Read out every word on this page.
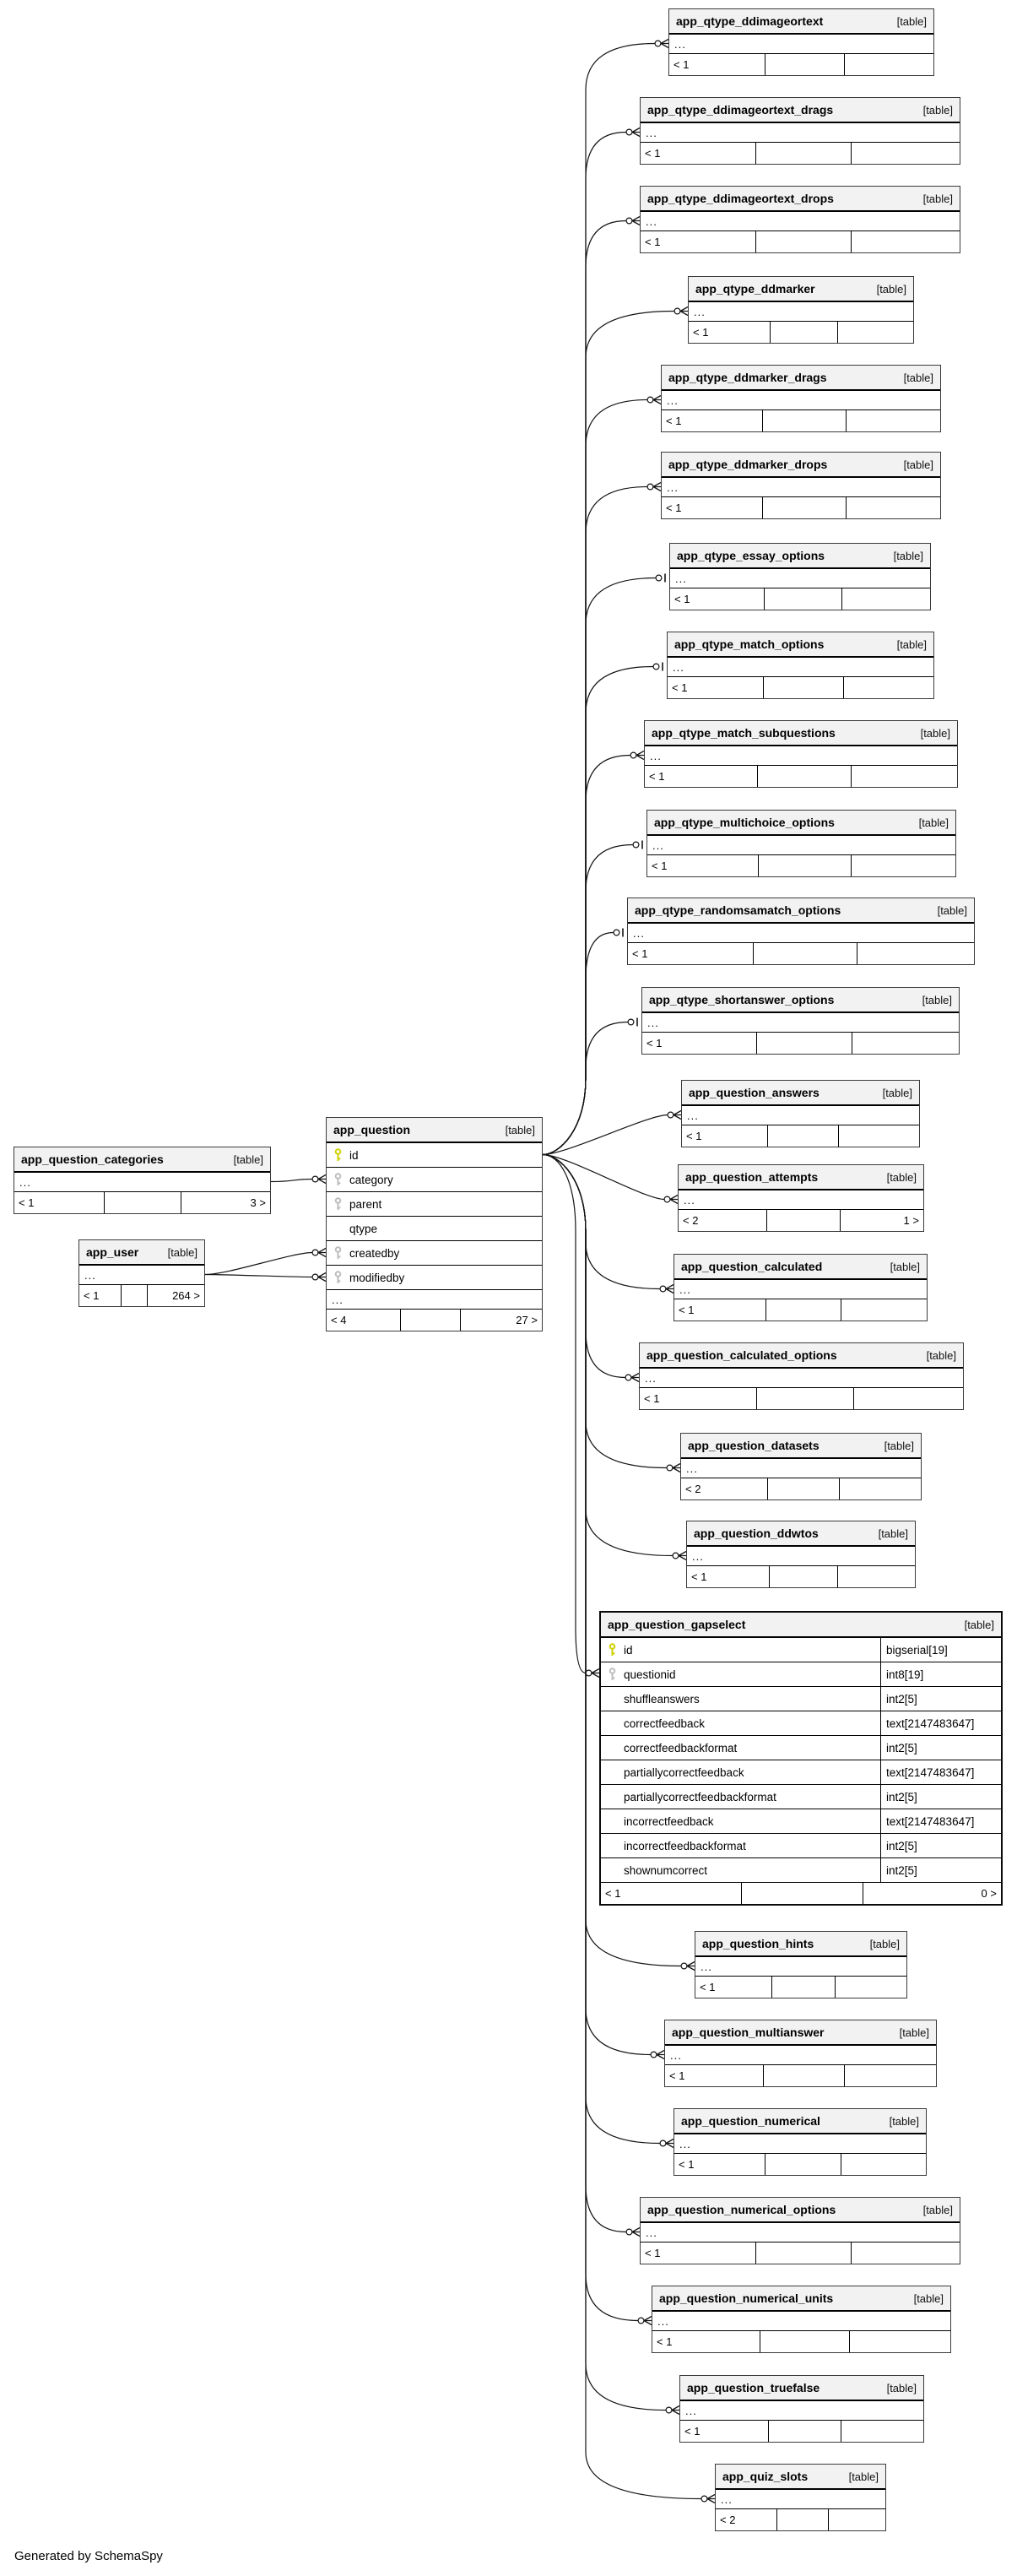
app_qtype_ddimageortext	[table]
...
< 1
app_qtype_ddimageortext_drags	[table]
...
< 1
app_qtype_ddimageortext_drops	[table]
...
< 1
app_qtype_ddmarker	[table]
...
< 1
app_qtype_ddmarker_drags	[table]
...
< 1
app_qtype_ddmarker_drops	[table]
...
< 1
app_qtype_essay_options	[table]
...
< 1
app_qtype_match_options	[table]
...
< 1
app_qtype_match_subquestions	[table]
...
< 1
app_qtype_multichoice_options	[table]
...
< 1
app_qtype_randomsamatch_options	[table]
...
< 1
app_qtype_shortanswer_options	[table]
...
< 1
app_question_answers	[table]
...
< 1
app_question_attempts	[table]
...
< 2	1 >
app_question_calculated	[table]
...
< 1
app_question_calculated_options	[table]
...
< 1
app_question_datasets	[table]
...
< 2
app_question_ddwtos	[table]
...
< 1
app_question_gapselect	[table]
id	bigserial[19]
questionid	int8[19]
shuffleanswers	int2[5]
correctfeedback	text[2147483647]
correctfeedbackformat	int2[5]
partiallycorrectfeedback	text[2147483647]
partiallycorrectfeedbackformat	int2[5]
incorrectfeedback	text[2147483647]
incorrectfeedbackformat	int2[5]
shownumcorrect	int2[5]
< 1	0 >
app_question_hints	[table]
...
< 1
app_question_multianswer	[table]
...
< 1
app_question_numerical	[table]
...
< 1
app_question_numerical_options	[table]
...
< 1
app_question_numerical_units	[table]
...
< 1
app_question_truefalse	[table]
...
< 1
app_quiz_slots	[table]
...
< 2
app_question_categories	[table]
...
< 1	3 >
app_user	[table]
...
< 1	264 >
app_question	[table]
id
category
parent
qtype
createdby
modifiedby
...
< 4	27 >
Generated by SchemaSpy
